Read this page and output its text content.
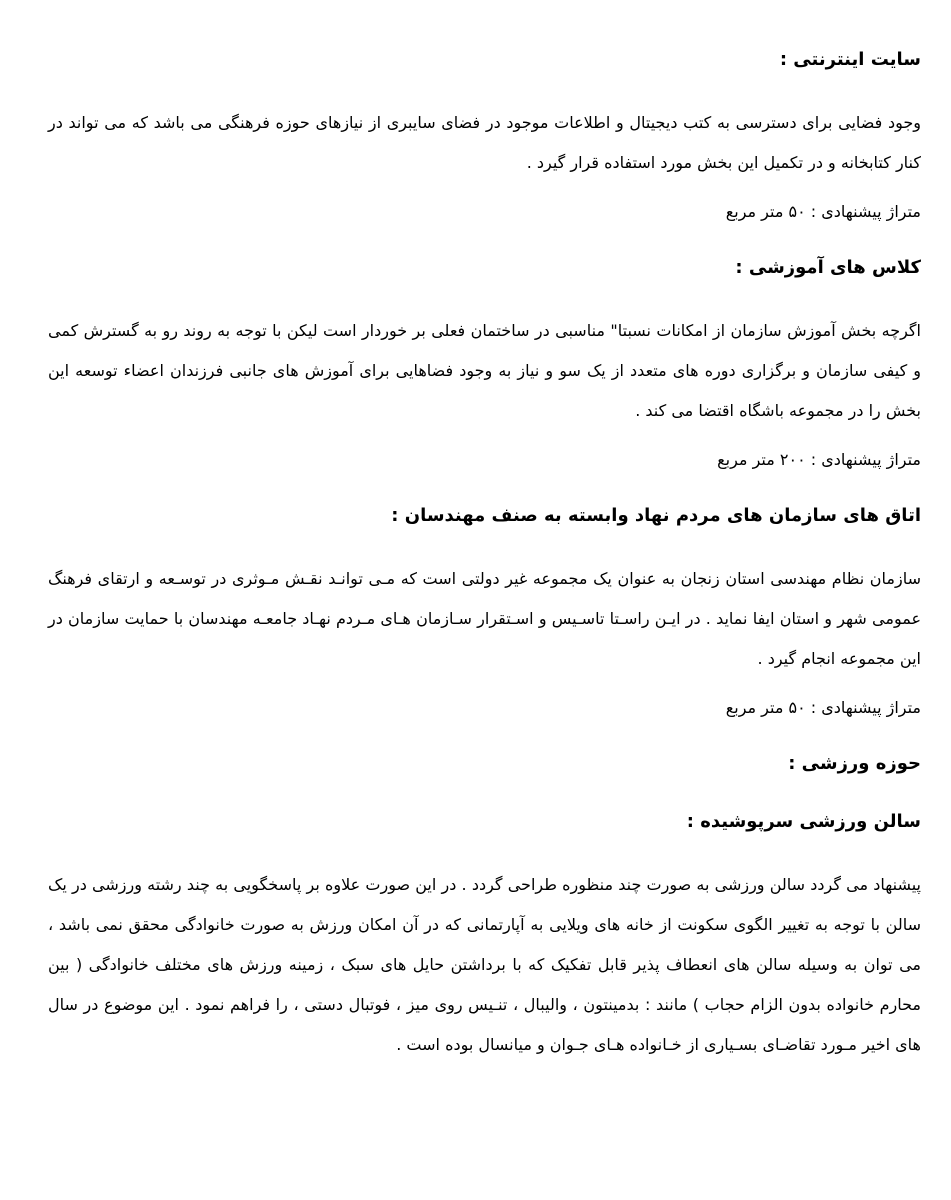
سایت اینترنتی :
وجود فضایی برای دسترسی به کتب دیجیتال و اطلاعات موجود در فضای سایبری از نیازهای حوزه فرهنگی می باشد که می تواند در کنار کتابخانه و در تکمیل این بخش مورد استفاده قرار گیرد .
متراژ پیشنهادی : ۵۰ متر مربع
کلاس های آموزشی :
اگرچه بخش آموزش سازمان از امکانات نسبتا" مناسبی در ساختمان فعلی بر خوردار است لیکن با توجه به روند رو به گسترش کمی و کیفی سازمان و برگزاری دوره های متعدد از یک سو و نیاز به وجود فضاهایی برای آموزش های جانبی فرزندان اعضاء توسعه این بخش را در مجموعه باشگاه اقتضا می کند .
متراژ پیشنهادی : ۲۰۰ متر مربع
اتاق های سازمان های مردم نهاد وابسته به صنف مهندسان :
سازمان نظام مهندسی استان زنجان به عنوان یک مجموعه غیر دولتی است که مـی توانـد نقـش مـوثری در توسـعه و ارتقای فرهنگ عمومی شهر و استان ایفا نماید . در ایـن راسـتا تاسـیس و اسـتقرار سـازمان هـای مـردم نهـاد جامعـه مهندسان با حمایت سازمان در این مجموعه انجام گیرد .
متراژ پیشنهادی : ۵۰ متر مربع
حوزه ورزشی :
سالن ورزشی سرپوشیده :
پیشنهاد می گردد سالن ورزشی به صورت چند منظوره طراحی گردد . در این صورت علاوه بر پاسخگویی به چند رشته ورزشی در یک سالن با توجه به تغییر الگوی سکونت از خانه های ویلایی به آپارتمانی که در آن امکان ورزش به صورت خانوادگی محقق نمی باشد ، می توان به وسیله سالن های انعطاف پذیر قابل تفکیک که با برداشتن حایل های سبک ، زمینه ورزش های مختلف خانوادگی ( بین محارم خانواده بدون الزام حجاب ) مانند : بدمینتون ، والیبال ، تنـیس روی میز ، فوتبال دستی ، را فراهم نمود . این موضوع در سال های اخیر مـورد تقاضـای بسـیاری از خـانواده هـای جـوان و میانسال بوده است .
